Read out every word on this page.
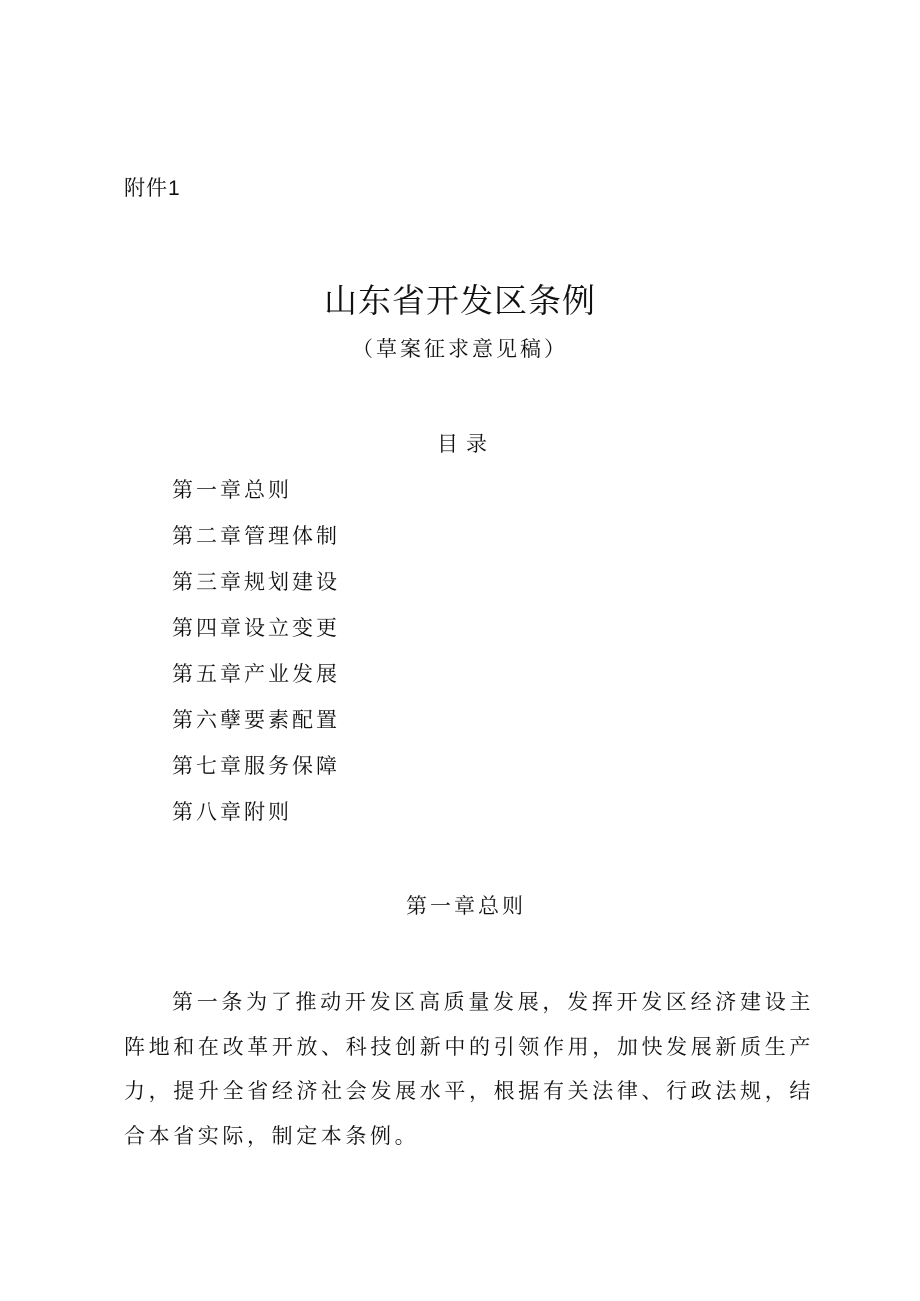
附件1
山东省开发区条例
（草案征求意见稿）
目录
第一章总则
第二章管理体制
第三章规划建设
第四章设立变更
第五章产业发展
第六孽要素配置
第七章服务保障
第八章附则
第一章总则

第一条为了推动开发区高质量发展，发挥开发区经济建设主阵地和在改革开放、科技创新中的引领作用，加快发展新质生产力，提升全省经济社会发展水平，根据有关法律、行政法规，结合本省实际，制定本条例。
